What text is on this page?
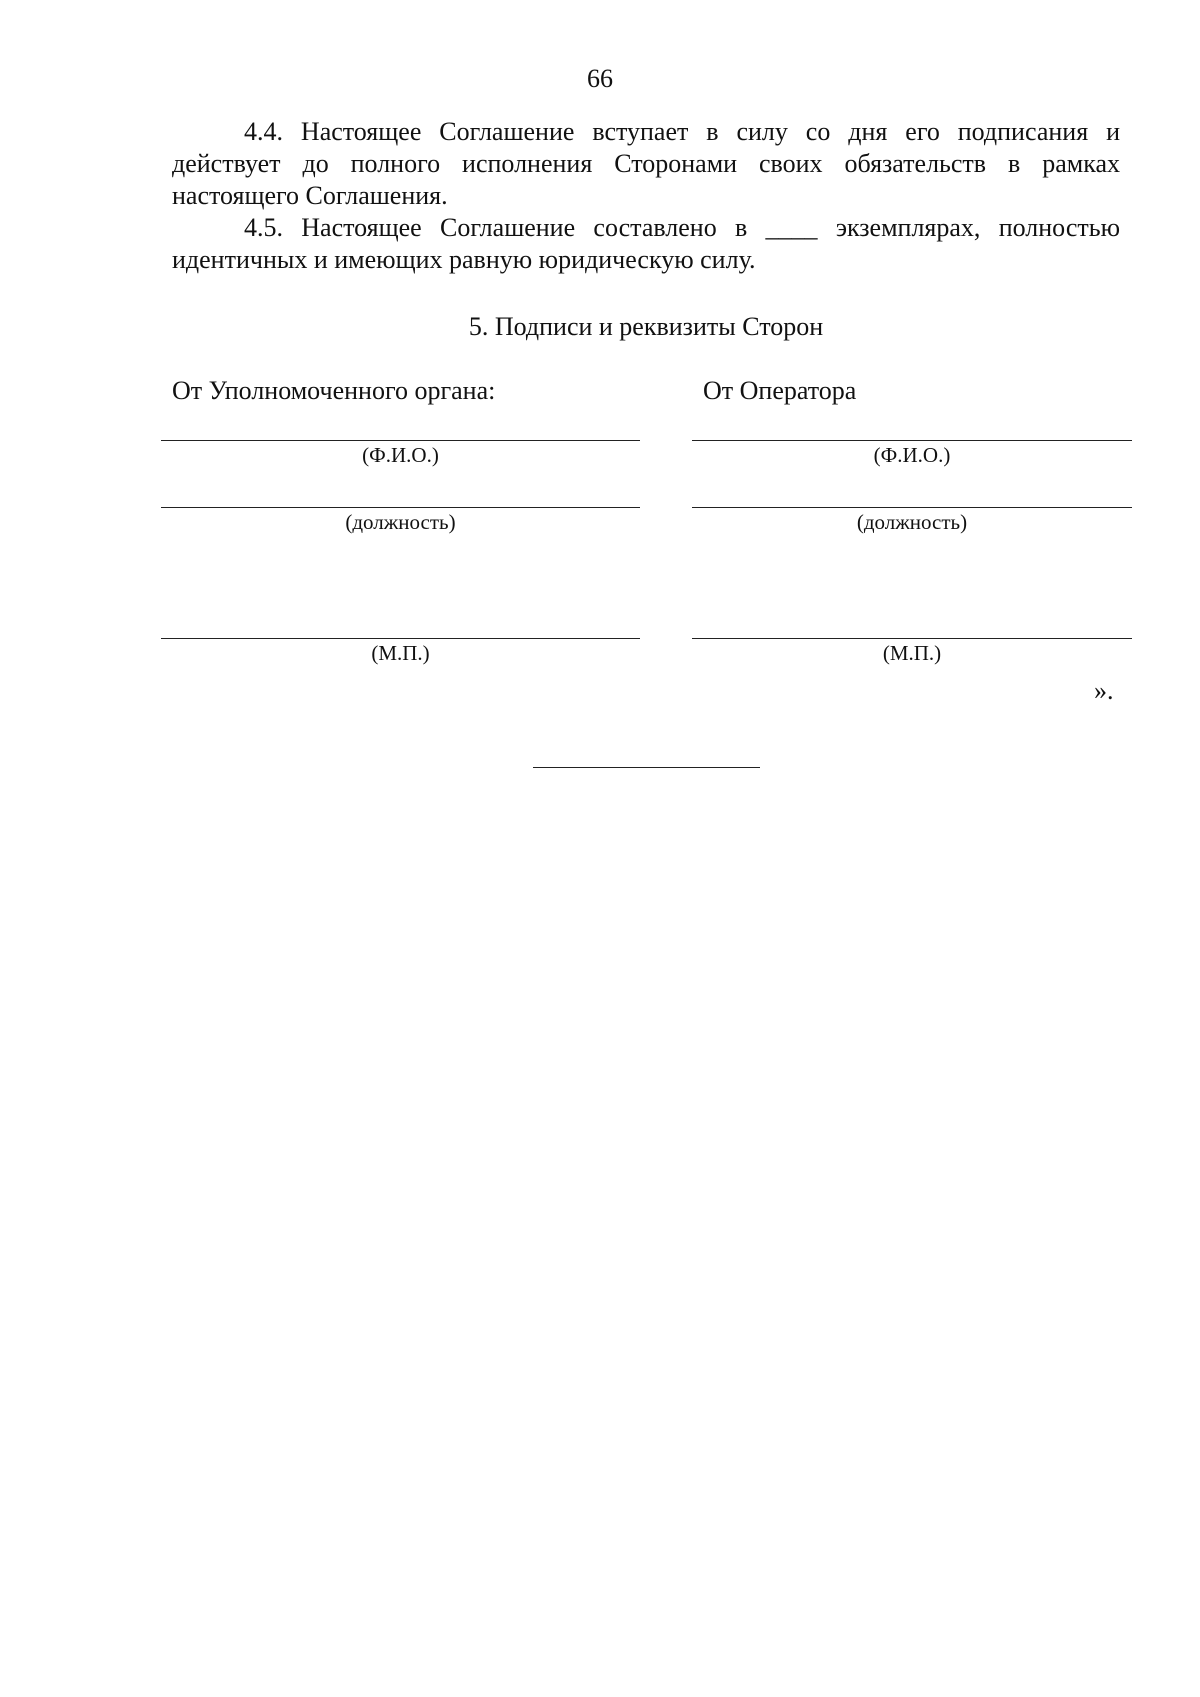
66

4.4. Настоящее Соглашение вступает в силу со дня его подписания и действует до полного исполнения Сторонами своих обязательств в рамках настоящего Соглашения.

4.5. Настоящее Соглашение составлено в ____ экземплярах, полностью идентичных и имеющих равную юридическую силу.

5. Подписи и реквизиты Сторон
От Уполномоченного органа:	От Оператора
(Ф.И.О.)
(должность)
(М.П.)
(Ф.И.О.)
(должность)
(М.П.)
».
